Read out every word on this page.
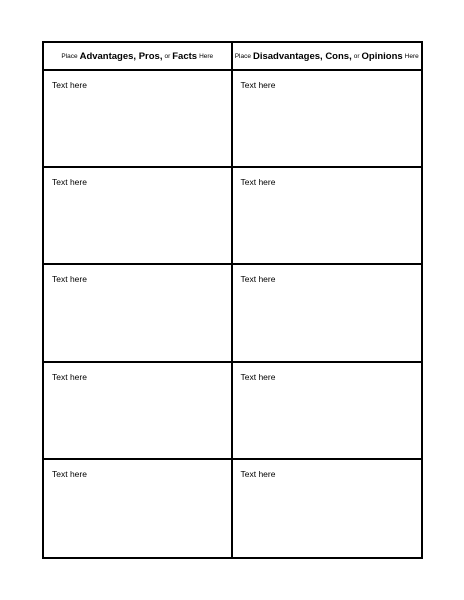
Place Advantages, Pros, or Facts Here	Place Disadvantages, Cons, or Opinions Here
Text here	Text here
Text here	Text here
Text here	Text here
Text here	Text here
Text here	Text here
